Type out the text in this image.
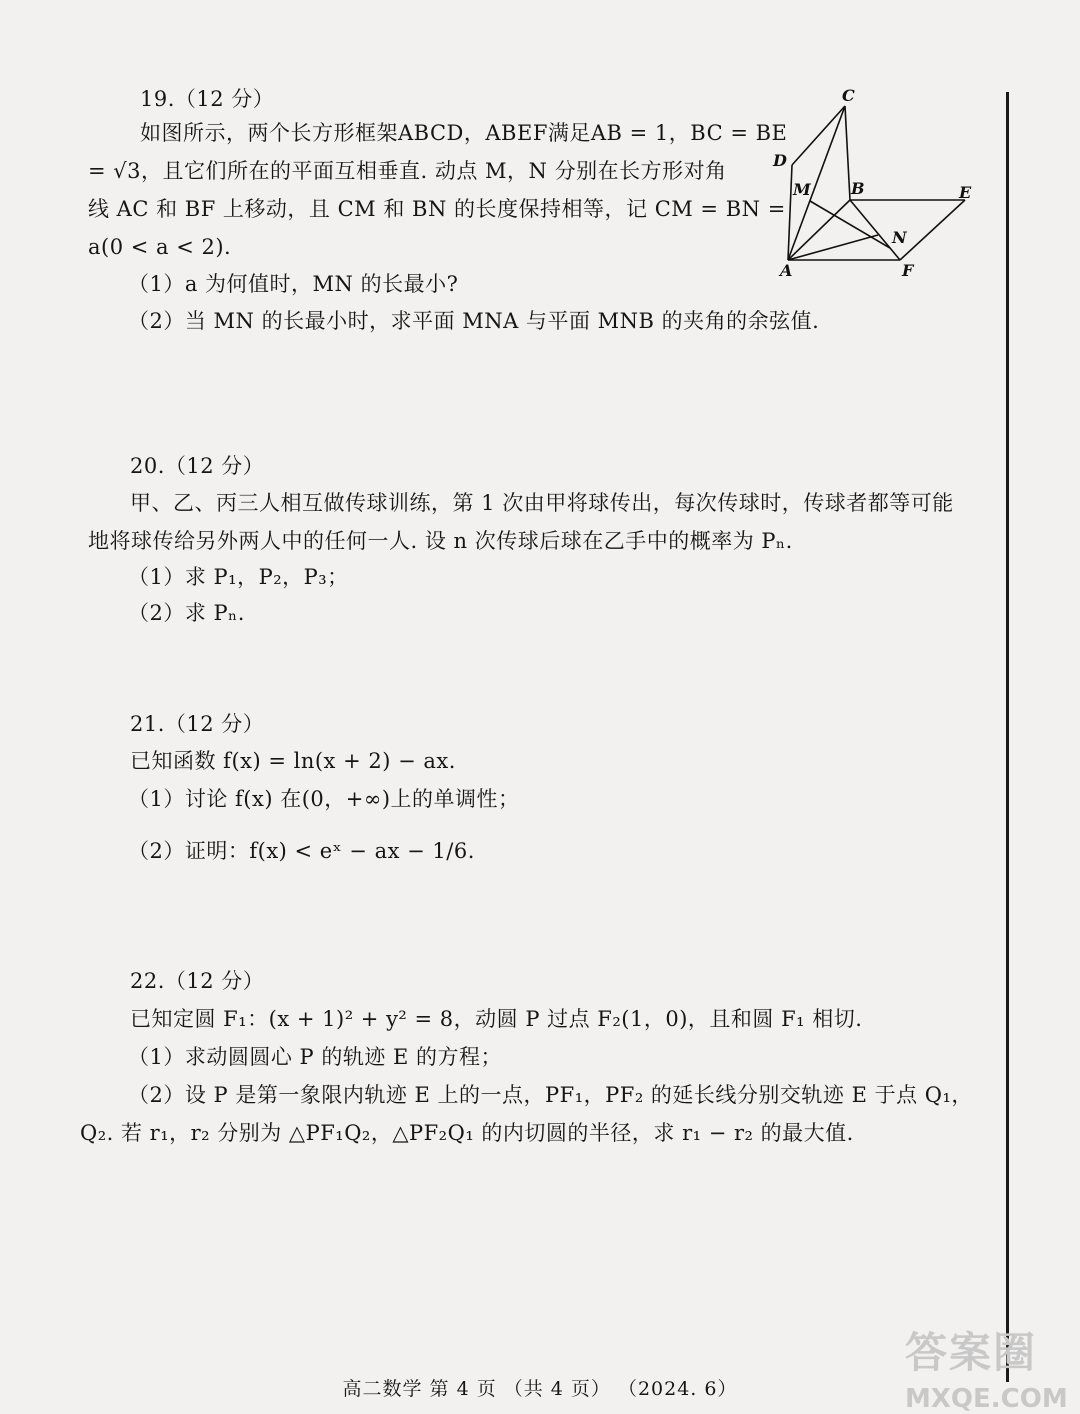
19.（12 分）
如图所示，两个长方形框架ABCD，ABEF满足AB = 1，BC = BE
= √3，且它们所在的平面互相垂直. 动点 M，N 分别在长方形对角
线 AC 和 BF 上移动，且 CM 和 BN 的长度保持相等，记 CM = BN =
a(0 < a < 2).
（1）a 为何值时，MN 的长最小?
（2）当 MN 的长最小时，求平面 MNA 与平面 MNB 的夹角的余弦值.
C
D
M	B	E
N
A	F
20.（12 分）
甲、乙、丙三人相互做传球训练，第 1 次由甲将球传出，每次传球时，传球者都等可能
地将球传给另外两人中的任何一人. 设 n 次传球后球在乙手中的概率为 Pₙ.
（1）求 P₁，P₂，P₃；
（2）求 Pₙ.
21.（12 分）
已知函数 f(x) = ln(x + 2) − ax.
（1）讨论 f(x) 在(0，+∞)上的单调性；
（2）证明：f(x) < eˣ − ax − 1/6.
22.（12 分）
已知定圆 F₁：(x + 1)² + y² = 8，动圆 P 过点 F₂(1，0)，且和圆 F₁ 相切.
（1）求动圆圆心 P 的轨迹 E 的方程；
（2）设 P 是第一象限内轨迹 E 上的一点，PF₁，PF₂ 的延长线分别交轨迹 E 于点 Q₁，
Q₂. 若 r₁，r₂ 分别为 △PF₁Q₂，△PF₂Q₁ 的内切圆的半径，求 r₁ − r₂ 的最大值.
高二数学 第 4 页 （共 4 页） （2024. 6）
答案圈
MXQE.COM
